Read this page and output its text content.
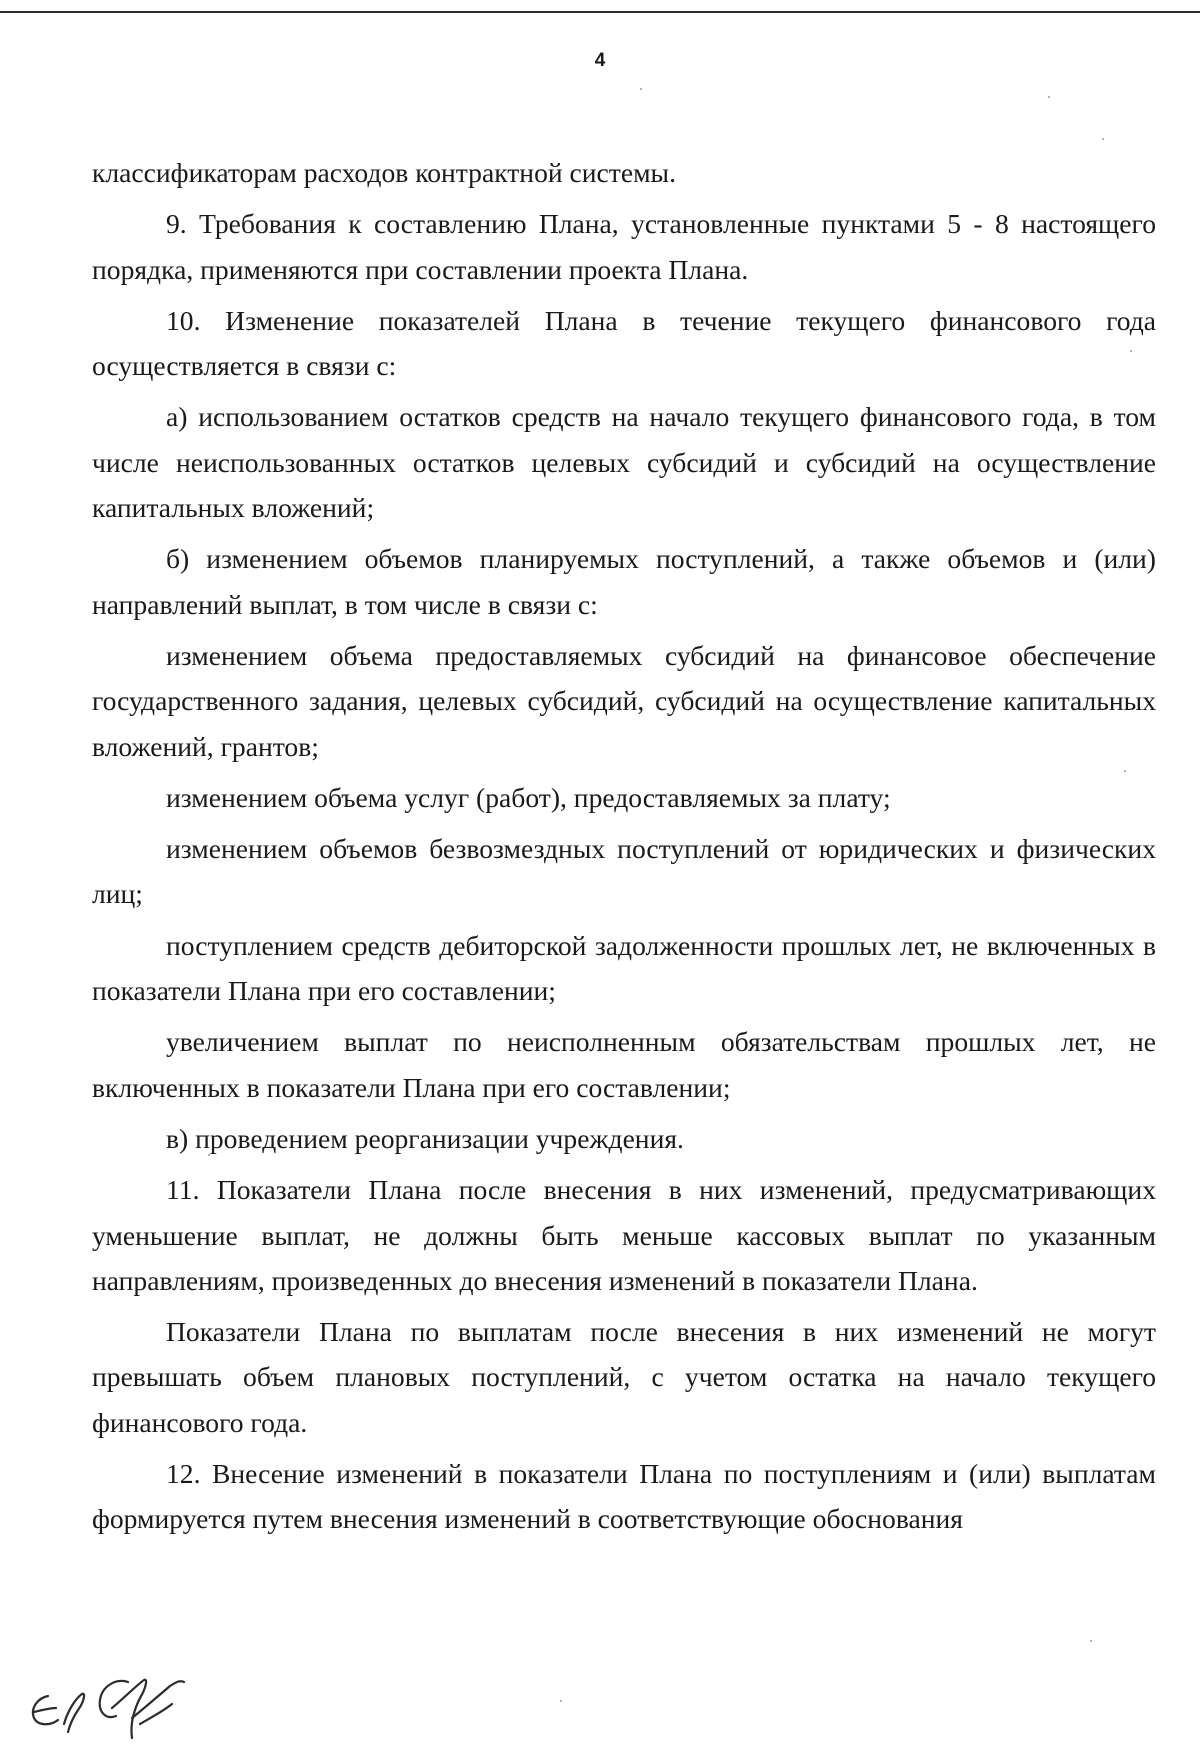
4

классификаторам расходов контрактной системы.

9. Требования к составлению Плана, установленные пунктами 5 - 8 настоящего порядка, применяются при составлении проекта Плана.

10. Изменение показателей Плана в течение текущего финансового года осуществляется в связи с:

а) использованием остатков средств на начало текущего финансового года, в том числе неиспользованных остатков целевых субсидий и субсидий на осуществление капитальных вложений;

б) изменением объемов планируемых поступлений, а также объемов и (или) направлений выплат, в том числе в связи с:

изменением объема предоставляемых субсидий на финансовое обеспечение государственного задания, целевых субсидий, субсидий на осуществление капитальных вложений, грантов;

изменением объема услуг (работ), предоставляемых за плату;

изменением объемов безвозмездных поступлений от юридических и физических лиц;

поступлением средств дебиторской задолженности прошлых лет, не включенных в показатели Плана при его составлении;

увеличением выплат по неисполненным обязательствам прошлых лет, не включенных в показатели Плана при его составлении;

в) проведением реорганизации учреждения.

11. Показатели Плана после внесения в них изменений, предусматривающих уменьшение выплат, не должны быть меньше кассовых выплат по указанным направлениям, произведенных до внесения изменений в показатели Плана.

Показатели Плана по выплатам после внесения в них изменений не могут превышать объем плановых поступлений, с учетом остатка на начало текущего финансового года.

12. Внесение изменений в показатели Плана по поступлениям и (или) выплатам формируется путем внесения изменений в соответствующие обоснования
